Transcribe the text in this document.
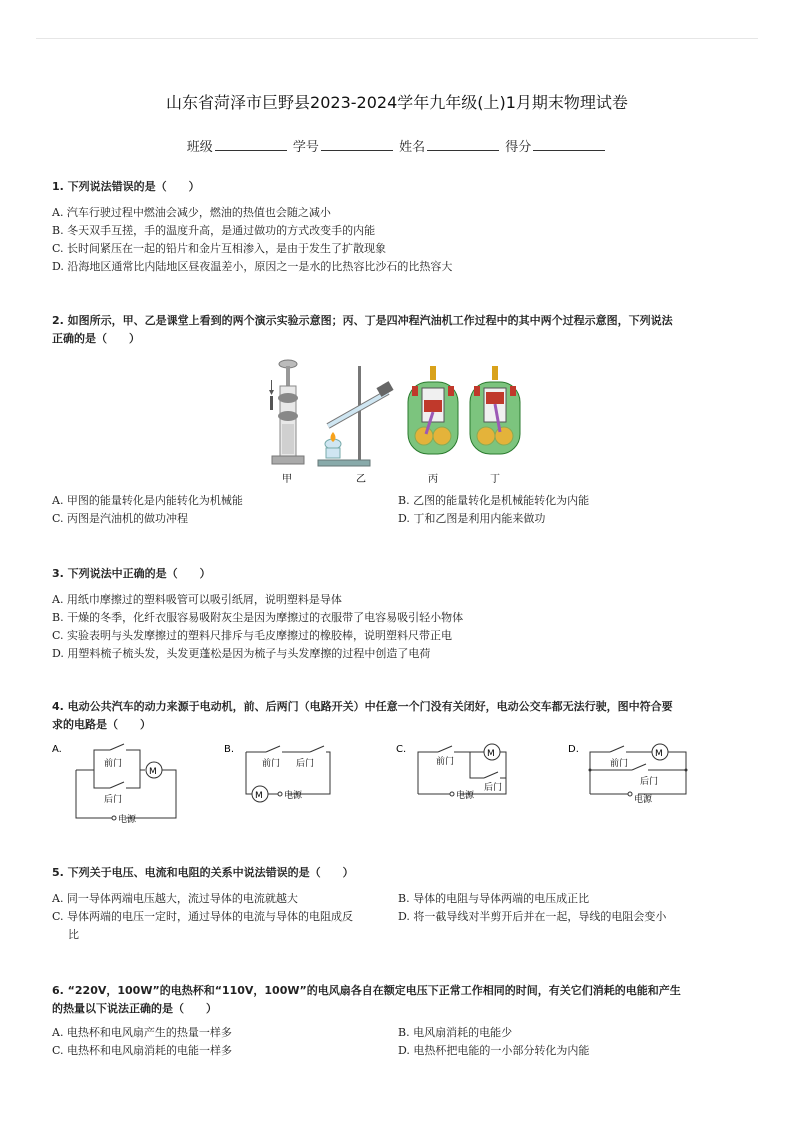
山东省菏泽市巨野县2023-2024学年九年级(上)1月期末物理试卷
班级	学号	姓名	得分
1. 下列说法错误的是（　　）
A. 汽车行驶过程中燃油会减少，燃油的热值也会随之减小
B. 冬天双手互搓，手的温度升高，是通过做功的方式改变手的内能
C. 长时间紧压在一起的铅片和金片互相渗入，是由于发生了扩散现象
D. 沿海地区通常比内陆地区昼夜温差小，原因之一是水的比热容比沙石的比热容大
2. 如图所示，甲、乙是课堂上看到的两个演示实验示意图；丙、丁是四冲程汽油机工作过程中的其中两个过程示意图，下列说法
正确的是（　　）
甲	乙	丙	丁
A. 甲图的能量转化是内能转化为机械能	B. 乙图的能量转化是机械能转化为内能
C. 丙图是汽油机的做功冲程	D. 丁和乙图是利用内能来做功
3. 下列说法中正确的是（　　）
A. 用纸巾摩擦过的塑料吸管可以吸引纸屑，说明塑料是导体
B. 干燥的冬季，化纤衣服容易吸附灰尘是因为摩擦过的衣服带了电容易吸引轻小物体
C. 实验表明与头发摩擦过的塑料尺排斥与毛皮摩擦过的橡胶棒，说明塑料尺带正电
D. 用塑料梳子梳头发，头发更蓬松是因为梳子与头发摩擦的过程中创造了电荷
4. 电动公共汽车的动力来源于电动机，前、后两门（电路开关）中任意一个门没有关闭好，电动公交车都无法行驶，图中符合要
求的电路是（　　）
A.
M
前门
后门
电源
B.
M
前门 后门
电源
C.	M
前门
后门
电源
D.	M
前门
后门
电源
5. 下列关于电压、电流和电阻的关系中说法错误的是（　　）
A. 同一导体两端电压越大，流过导体的电流就越大	B. 导体的电阻与导体两端的电压成正比
C. 导体两端的电压一定时，通过导体的电流与导体的电阻成反
比
D. 将一截导线对半剪开后并在一起，导线的电阻会变小
6. “220V，100W”的电热杯和“110V，100W”的电风扇各自在额定电压下正常工作相同的时间，有关它们消耗的电能和产生
的热量以下说法正确的是（　　）
A. 电热杯和电风扇产生的热量一样多	B. 电风扇消耗的电能少
C. 电热杯和电风扇消耗的电能一样多	D. 电热杯把电能的一小部分转化为内能
